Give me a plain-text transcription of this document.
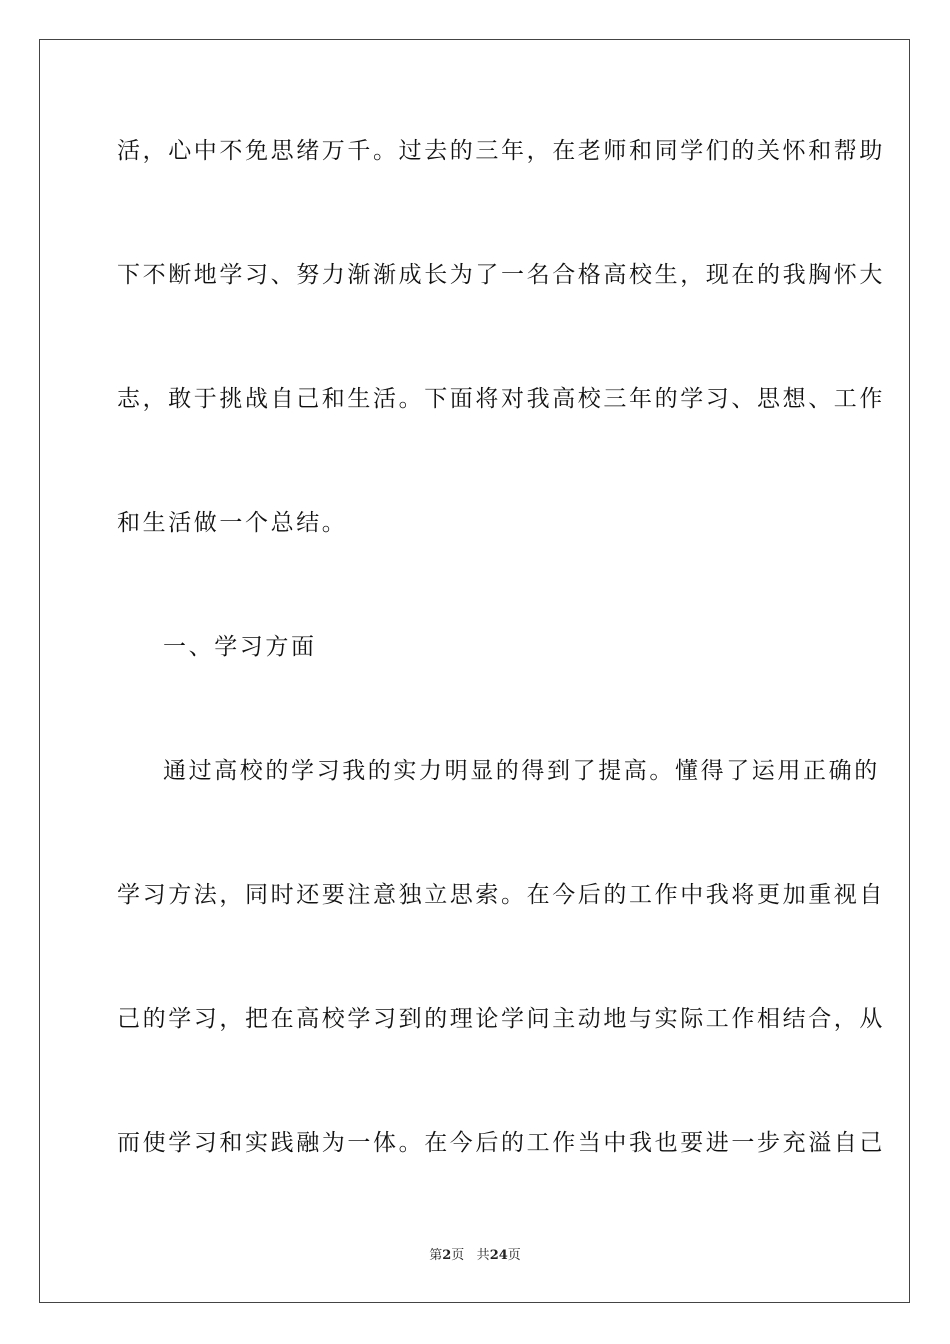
活，心中不免思绪万千。过去的三年，在老师和同学们的关怀和帮助
下不断地学习、努力渐渐成长为了一名合格高校生，现在的我胸怀大
志，敢于挑战自己和生活。下面将对我高校三年的学习、思想、工作
和生活做一个总结。
一、学习方面
通过高校的学习我的实力明显的得到了提高。懂得了运用正确的
学习方法，同时还要注意独立思索。在今后的工作中我将更加重视自
己的学习，把在高校学习到的理论学问主动地与实际工作相结合，从
而使学习和实践融为一体。在今后的工作当中我也要进一步充溢自己
第2页 共24页
